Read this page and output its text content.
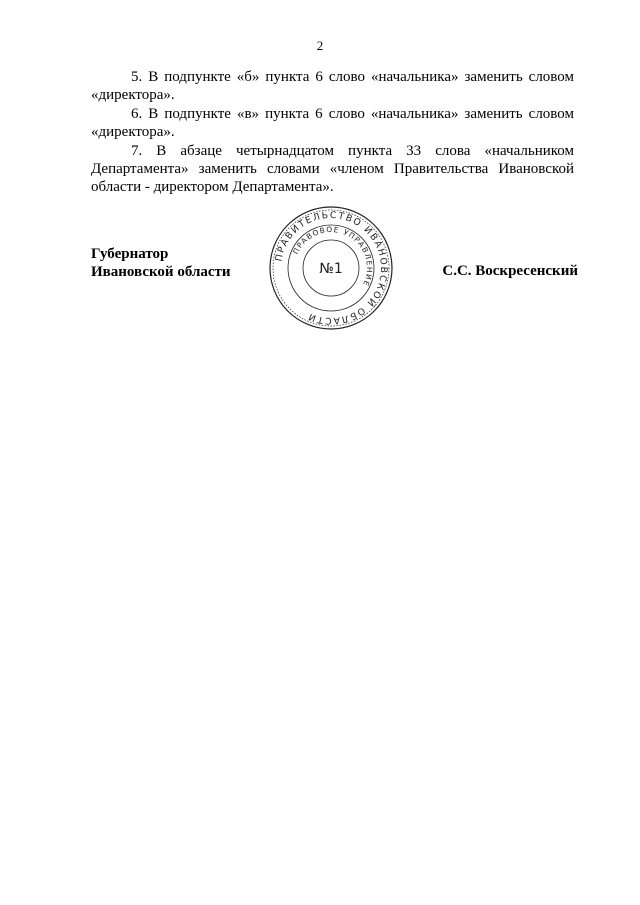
2

5. В подпункте «б» пункта 6 слово «начальника» заменить словом «директора».

6. В подпункте «в» пункта 6 слово «начальника» заменить словом «директора».

7. В абзаце четырнадцатом пункта 33 слова «начальником Департамента» заменить словами «членом Правительства Ивановской области - директором Департамента».

Губернатор
Ивановской области	С.С. Воскресенский
ПРАВИТЕЛЬСТВО ИВАНОВСКОЙ ОБЛАСТИ
ПРАВОВОЕ УПРАВЛЕНИЕ
№1
